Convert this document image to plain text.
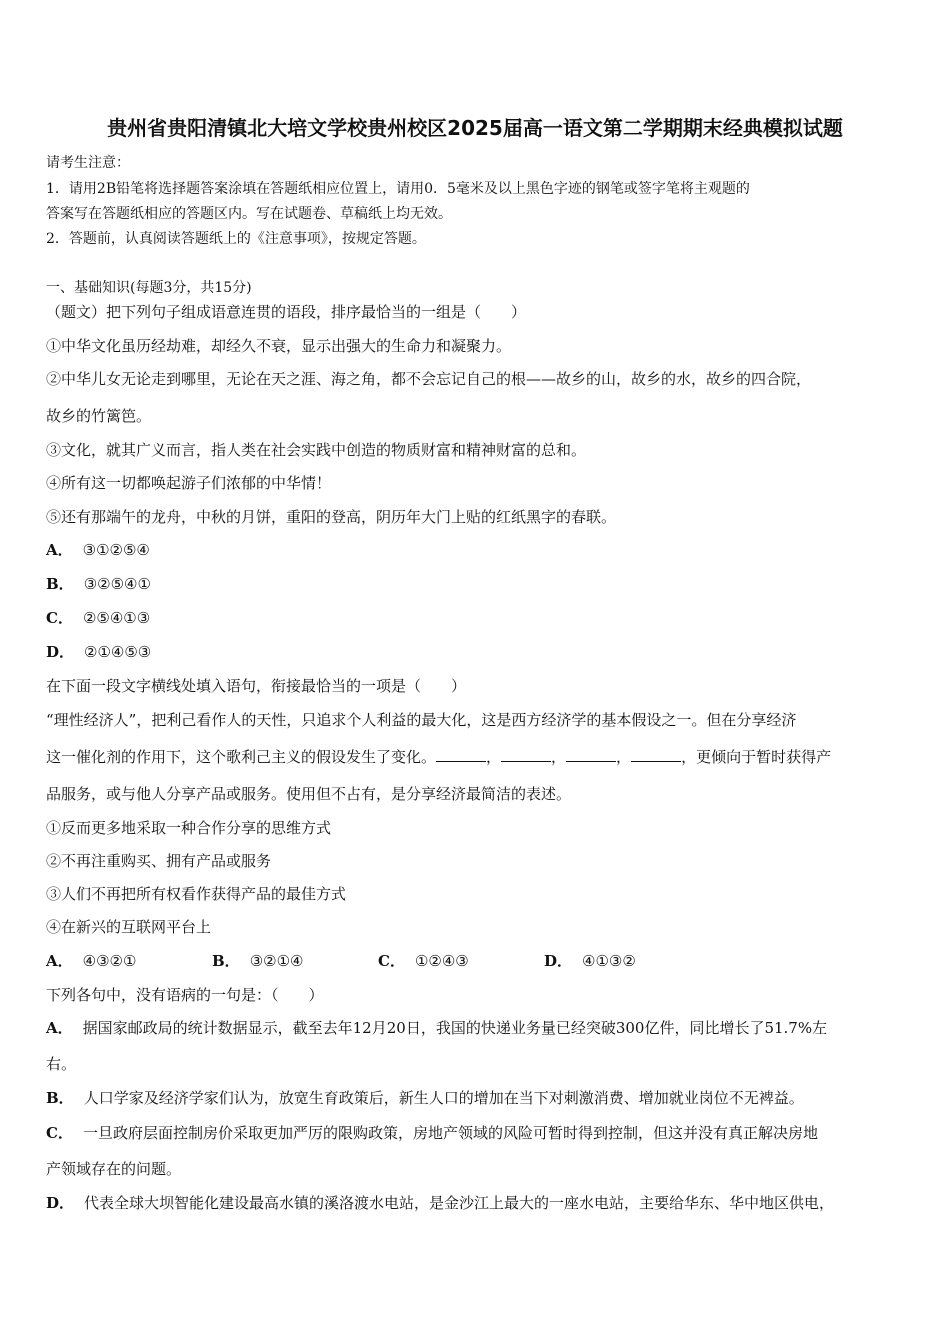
贵州省贵阳清镇北大培文学校贵州校区2025届高一语文第二学期期末经典模拟试题
请考生注意：
1．请用2B铅笔将选择题答案涂填在答题纸相应位置上，请用0．5毫米及以上黑色字迹的钢笔或签字笔将主观题的
答案写在答题纸相应的答题区内。写在试题卷、草稿纸上均无效。
2．答题前，认真阅读答题纸上的《注意事项》，按规定答题。
一、基础知识(每题3分，共15分)
（题文）把下列句子组成语意连贯的语段，排序最恰当的一组是（　　）
①中华文化虽历经劫难，却经久不衰，显示出强大的生命力和凝聚力。
②中华儿女无论走到哪里，无论在天之涯、海之角，都不会忘记自己的根——故乡的山，故乡的水，故乡的四合院，
故乡的竹篱笆。
③文化，就其广义而言，指人类在社会实践中创造的物质财富和精神财富的总和。
④所有这一切都唤起游子们浓郁的中华情！
⑤还有那端午的龙舟，中秋的月饼，重阳的登高，阴历年大门上贴的红纸黑字的春联。
A． ③①②⑤④
B． ③②⑤④①
C． ②⑤④①③
D． ②①④⑤③
在下面一段文字横线处填入语句，衔接最恰当的一项是（　　）
“理性经济人”，把利己看作人的天性，只追求个人利益的最大化，这是西方经济学的基本假设之一。但在分享经济
这一催化剂的作用下，这个歌利己主义的假设发生了变化。	，	，	，	，更倾向于暂时获得产
品服务，或与他人分享产品或服务。使用但不占有，是分享经济最简洁的表述。
①反而更多地采取一种合作分享的思维方式
②不再注重购买、拥有产品或服务
③人们不再把所有权看作获得产品的最佳方式
④在新兴的互联网平台上
A． ④③②①	B． ③②①④	C． ①②④③	D． ④①③②
下列各句中，没有语病的一句是：（　　）
A． 据国家邮政局的统计数据显示，截至去年12月20日，我国的快递业务量已经突破300亿件，同比增长了51.7%左
右。
B． 人口学家及经济学家们认为，放宽生育政策后，新生人口的增加在当下对刺激消费、增加就业岗位不无裨益。
C． 一旦政府层面控制房价采取更加严厉的限购政策，房地产领域的风险可暂时得到控制，但这并没有真正解决房地
产领域存在的问题。
D． 代表全球大坝智能化建设最高水镇的溪洛渡水电站，是金沙江上最大的一座水电站，主要给华东、华中地区供电，
